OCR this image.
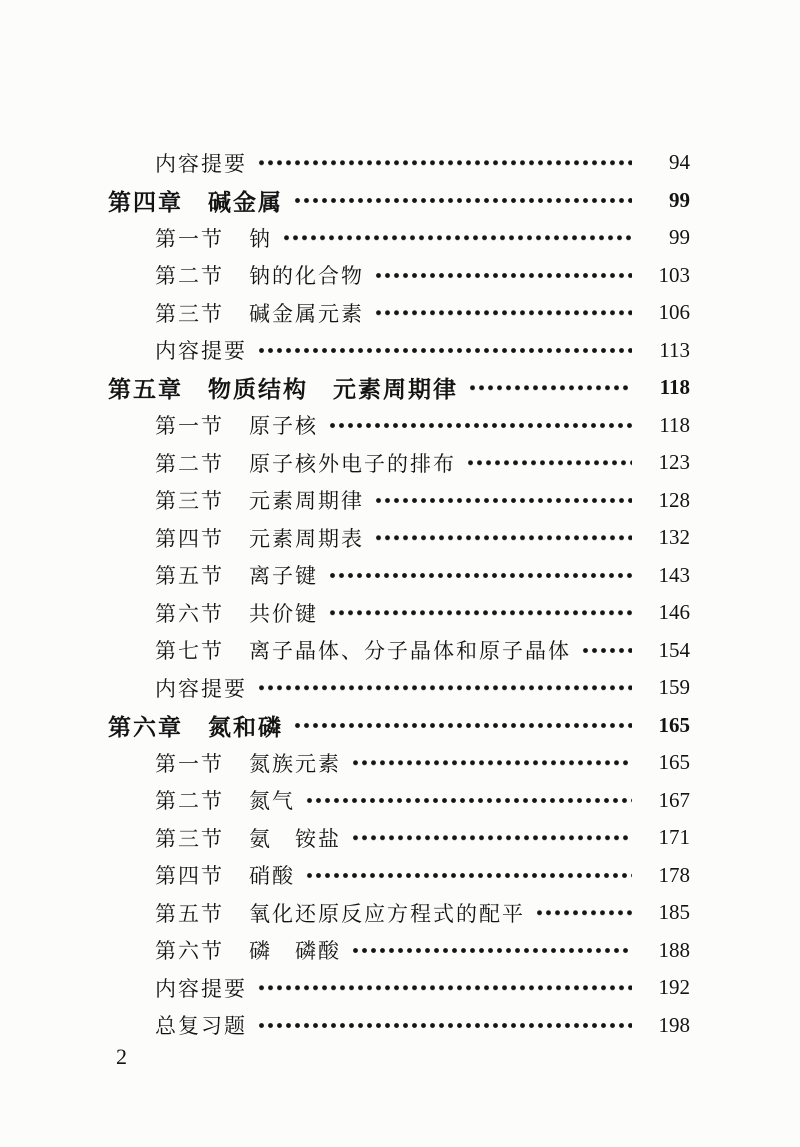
内容提要	94
第四章 碱金属	99
第一节 钠	99
第二节 钠的化合物	103
第三节 碱金属元素	106
内容提要	113
第五章 物质结构　元素周期律	118
第一节 原子核	118
第二节 原子核外电子的排布	123
第三节 元素周期律	128
第四节 元素周期表	132
第五节 离子键	143
第六节 共价键	146
第七节 离子晶体、分子晶体和原子晶体	154
内容提要	159
第六章 氮和磷	165
第一节 氮族元素	165
第二节 氮气	167
第三节 氨　铵盐	171
第四节 硝酸	178
第五节 氧化还原反应方程式的配平	185
第六节 磷　磷酸	188
内容提要	192
总复习题	198
2
